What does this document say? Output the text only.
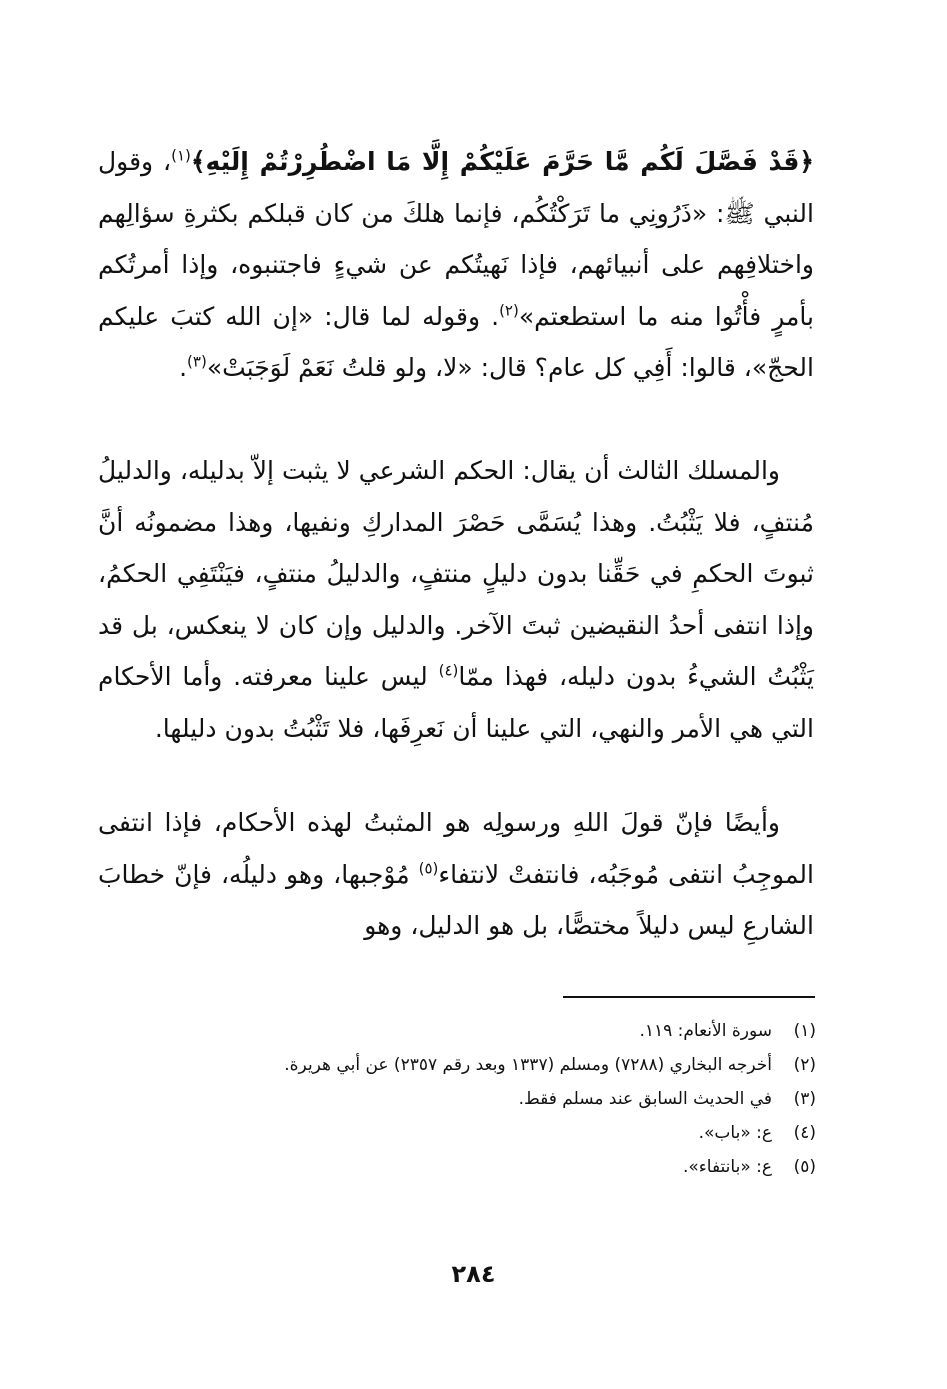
﴿قَدْ فَصَّلَ لَكُم مَّا حَرَّمَ عَلَيْكُمْ إِلَّا مَا اضْطُرِرْتُمْ إِلَيْهِ﴾$^{(١)}$، وقول النبي ﷺ: «ذَرُونِي ما تَرَكْتُكُم، فإنما هلكَ من كان قبلكم بكثرةِ سؤالِهم واختلافِهم على أنبيائهم، فإذا نَهيتُكم عن شيءٍ فاجتنبوه، وإذا أمرتُكم بأمرٍ فأْتُوا منه ما استطعتم»$^{(٢)}$. وقوله لما قال: «إن الله كتبَ عليكم الحجّ»، قالوا: أَفِي كل عام؟ قال: «لا، ولو قلتُ نَعَمْ لَوَجَبَتْ»$^{(٣)}$.

والمسلك الثالث أن يقال: الحكم الشرعي لا يثبت إلاّ بدليله، والدليلُ مُنتفٍ، فلا يَثْبُتُ. وهذا يُسَمَّى حَصْرَ المداركِ ونفيها، وهذا مضمونُه أنَّ ثبوتَ الحكمِ في حَقِّنا بدون دليلٍ منتفٍ، والدليلُ منتفٍ، فيَنْتَفِي الحكمُ، وإذا انتفى أحدُ النقيضين ثبتَ الآخر. والدليل وإن كان لا ينعكس، بل قد يَثْبُتُ الشيءُ بدون دليله، فهذا ممّا$^{(٤)}$ ليس علينا معرفته. وأما الأحكام التي هي الأمر والنهي، التي علينا أن نَعرِفَها، فلا تَثْبُتُ بدون دليلها.

وأيضًا فإنّ قولَ اللهِ ورسولِه هو المثبتُ لهذه الأحكام، فإذا انتفى الموجِبُ انتفى مُوجَبُه، فانتفتْ لانتفاء$^{(٥)}$ مُوْجبها، وهو دليلُه، فإنّ خطابَ الشارعِ ليس دليلاً مختصًّا، بل هو الدليل، وهو

(١)سورة الأنعام: ١١٩.
(٢)أخرجه البخاري (٧٢٨٨) ومسلم (١٣٣٧ وبعد رقم ٢٣٥٧) عن أبي هريرة.
(٣)في الحديث السابق عند مسلم فقط.
(٤)ع: «باب».
(٥)ع: «بانتفاء».
٢٨٤
